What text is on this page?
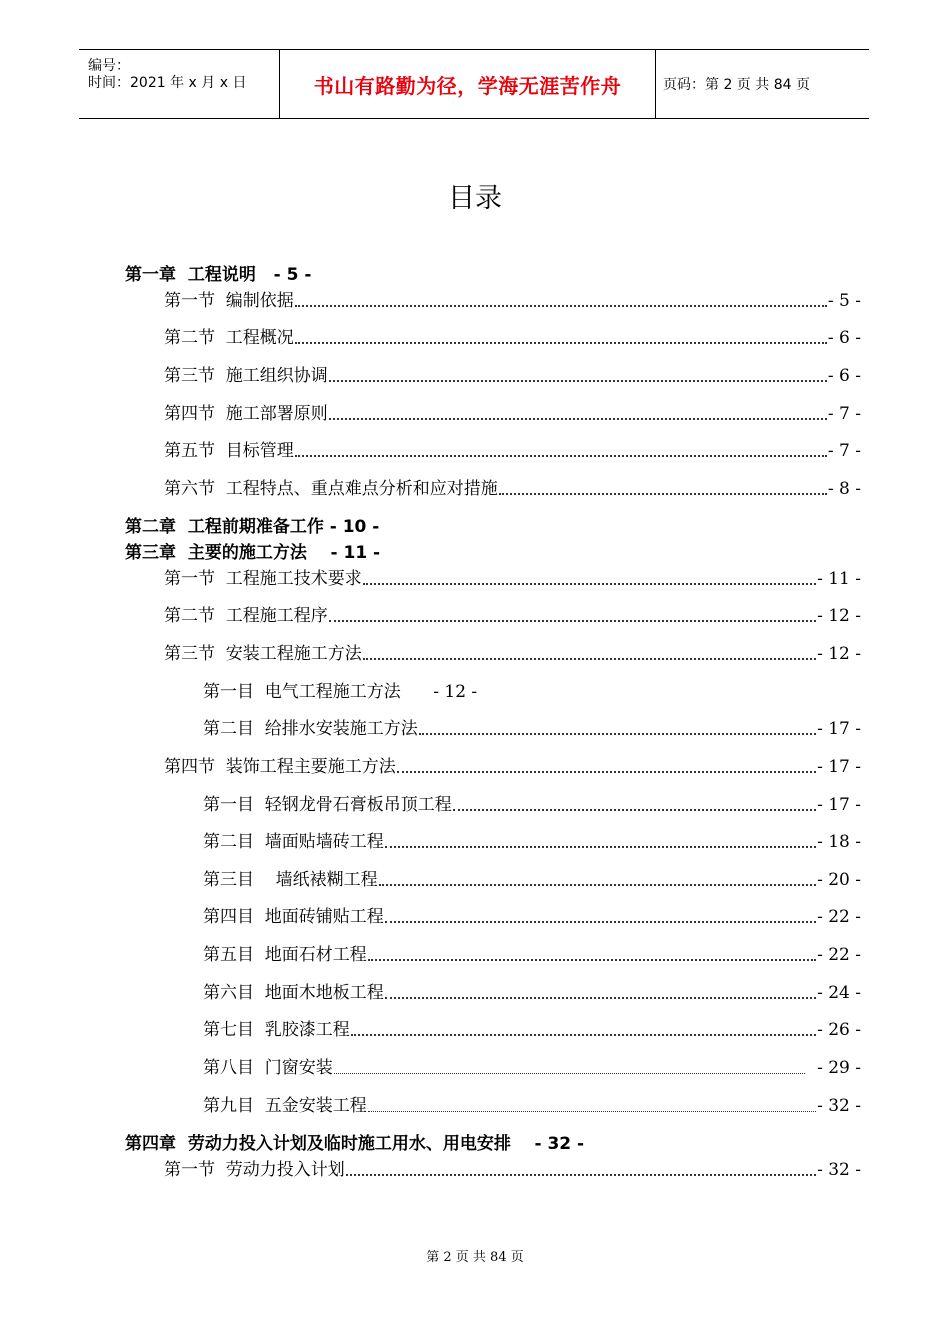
编号：
时间：2021 年 x 月 x 日	书山有路勤为径，学海无涯苦作舟	页码：第 2 页 共 84 页
目录
第一章  工程说明   - 5 -
第一节  编制依据	- 5 -
第二节  工程概况	- 6 -
第三节  施工组织协调	- 6 -
第四节  施工部署原则	- 7 -
第五节  目标管理	- 7 -
第六节  工程特点、重点难点分析和应对措施	- 8 -
第二章  工程前期准备工作 - 10 -
第三章  主要的施工方法    - 11 -
第一节  工程施工技术要求	- 11 -
第二节  工程施工程序	- 12 -
第三节  安装工程施工方法	- 12 -
第一目  电气工程施工方法      - 12 -
第二目  给排水安装施工方法	- 17 -
第四节  装饰工程主要施工方法	- 17 -
第一目  轻钢龙骨石膏板吊顶工程	- 17 -
第二目  墙面贴墙砖工程	- 18 -
第三目    墙纸裱糊工程	- 20 -
第四目  地面砖铺贴工程	- 22 -
第五目  地面石材工程	- 22 -
第六目  地面木地板工程	- 24 -
第七目  乳胶漆工程	- 26 -
第八目  门窗安装	- 29 -
第九目  五金安装工程	- 32 -
第四章  劳动力投入计划及临时施工用水、用电安排    - 32 -
第一节  劳动力投入计划	- 32 -
第 2 页 共 84 页
